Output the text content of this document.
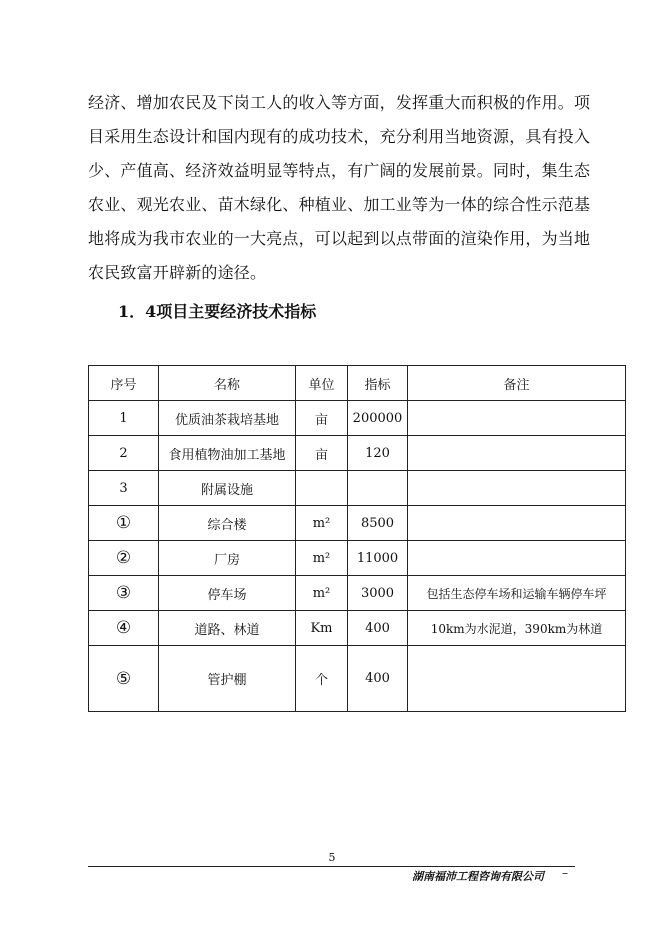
经济、增加农民及下岗工人的收入等方面，发挥重大而积极的作用。项
目采用生态设计和国内现有的成功技术，充分利用当地资源，具有投入
少、产值高、经济效益明显等特点，有广阔的发展前景。同时，集生态
农业、观光农业、苗木绿化、种植业、加工业等为一体的综合性示范基
地将成为我市农业的一大亮点，可以起到以点带面的渲染作用，为当地
农民致富开辟新的途径。
1．4项目主要经济技术指标
序号	名称	单位	指标	备注
1	优质油茶栽培基地	亩	200000	
2	食用植物油加工基地	亩	120	
3	附属设施			
①	综合楼	m²	8500	
②	厂房	m²	11000	
③	停车场	m²	3000	包括生态停车场和运输车辆停车坪
④	道路、林道	Km	400	10km为水泥道，390km为林道
⑤	管护棚	个	400	
5
湖南福沛工程咨询有限公司 –
